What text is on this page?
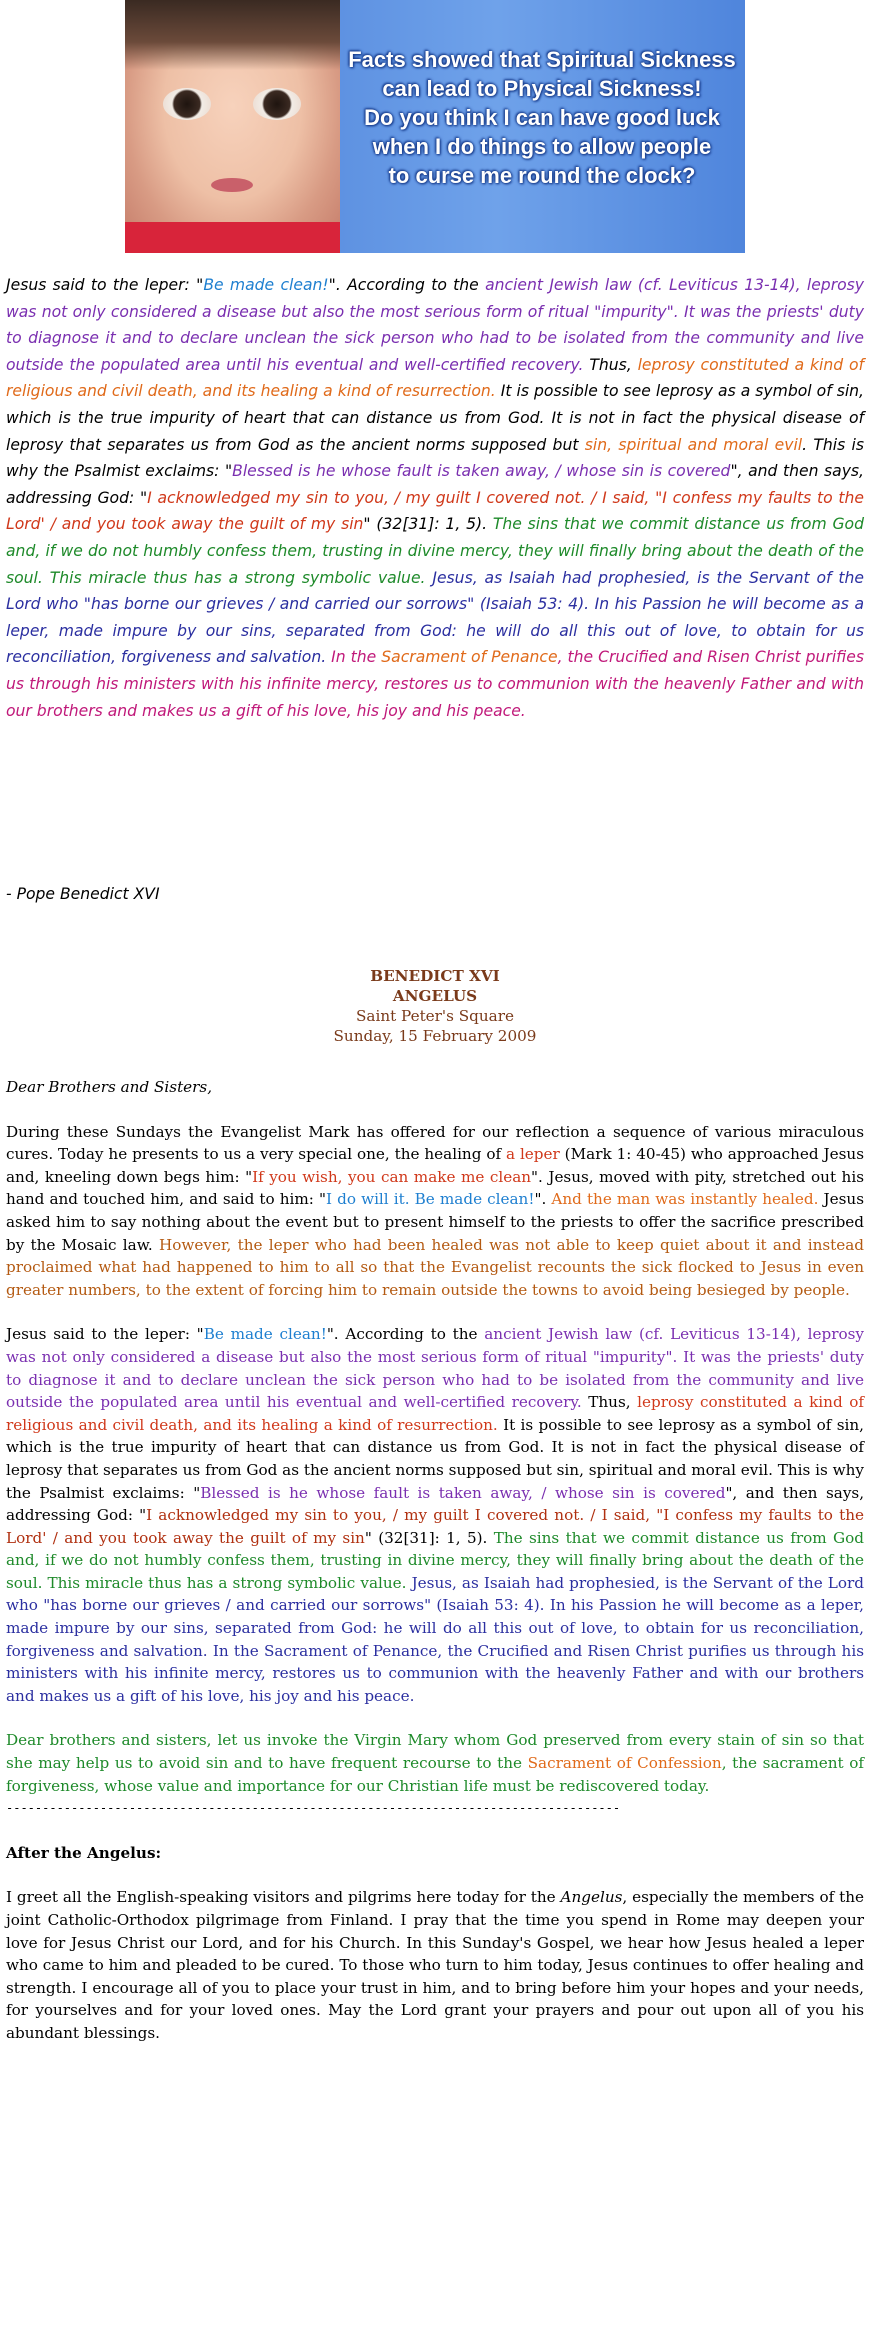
Facts showed that Spiritual Sickness
can lead to Physical Sickness!
Do you think I can have good luck
when I do things to allow people
to curse me round the clock?
Jesus said to the leper: "Be made clean!". According to the ancient Jewish law (cf. Leviticus 13-14), leprosy was not only considered a disease but also the most serious form of ritual "impurity". It was the priests' duty to diagnose it and to declare unclean the sick person who had to be isolated from the community and live outside the populated area until his eventual and well-certified recovery. Thus, leprosy constituted a kind of religious and civil death, and its healing a kind of resurrection. It is possible to see leprosy as a symbol of sin, which is the true impurity of heart that can distance us from God. It is not in fact the physical disease of leprosy that separates us from God as the ancient norms supposed but sin, spiritual and moral evil. This is why the Psalmist exclaims: "Blessed is he whose fault is taken away, / whose sin is covered", and then says, addressing God: "I acknowledged my sin to you, / my guilt I covered not. / I said, "I confess my faults to the Lord' / and you took away the guilt of my sin" (32[31]: 1, 5). The sins that we commit distance us from God and, if we do not humbly confess them, trusting in divine mercy, they will finally bring about the death of the soul. This miracle thus has a strong symbolic value. Jesus, as Isaiah had prophesied, is the Servant of the Lord who "has borne our grieves / and carried our sorrows" (Isaiah 53: 4). In his Passion he will become as a leper, made impure by our sins, separated from God: he will do all this out of love, to obtain for us reconciliation, forgiveness and salvation. In the Sacrament of Penance, the Crucified and Risen Christ purifies us through his ministers with his infinite mercy, restores us to communion with the heavenly Father and with our brothers and makes us a gift of his love, his joy and his peace.
- Pope Benedict XVI
BENEDICT XVI
ANGELUS
Saint Peter's Square
Sunday, 15 February 2009

Dear Brothers and Sisters,

During these Sundays the Evangelist Mark has offered for our reflection a sequence of various miraculous cures. Today he presents to us a very special one, the healing of a leper (Mark 1: 40-45) who approached Jesus and, kneeling down begs him: "If you wish, you can make me clean". Jesus, moved with pity, stretched out his hand and touched him, and said to him: "I do will it. Be made clean!". And the man was instantly healed. Jesus asked him to say nothing about the event but to present himself to the priests to offer the sacrifice prescribed by the Mosaic law. However, the leper who had been healed was not able to keep quiet about it and instead proclaimed what had happened to him to all so that the Evangelist recounts the sick flocked to Jesus in even greater numbers, to the extent of forcing him to remain outside the towns to avoid being besieged by people.

Jesus said to the leper: "Be made clean!". According to the ancient Jewish law (cf. Leviticus 13-14), leprosy was not only considered a disease but also the most serious form of ritual "impurity". It was the priests' duty to diagnose it and to declare unclean the sick person who had to be isolated from the community and live outside the populated area until his eventual and well-certified recovery. Thus, leprosy constituted a kind of religious and civil death, and its healing a kind of resurrection. It is possible to see leprosy as a symbol of sin, which is the true impurity of heart that can distance us from God. It is not in fact the physical disease of leprosy that separates us from God as the ancient norms supposed but sin, spiritual and moral evil. This is why the Psalmist exclaims: "Blessed is he whose fault is taken away, / whose sin is covered", and then says, addressing God: "I acknowledged my sin to you, / my guilt I covered not. / I said, "I confess my faults to the Lord' / and you took away the guilt of my sin" (32[31]: 1, 5). The sins that we commit distance us from God and, if we do not humbly confess them, trusting in divine mercy, they will finally bring about the death of the soul. This miracle thus has a strong symbolic value. Jesus, as Isaiah had prophesied, is the Servant of the Lord who "has borne our grieves / and carried our sorrows" (Isaiah 53: 4). In his Passion he will become as a leper, made impure by our sins, separated from God: he will do all this out of love, to obtain for us reconciliation, forgiveness and salvation. In the Sacrament of Penance, the Crucified and Risen Christ purifies us through his ministers with his infinite mercy, restores us to communion with the heavenly Father and with our brothers and makes us a gift of his love, his joy and his peace.

Dear brothers and sisters, let us invoke the Virgin Mary whom God preserved from every stain of sin so that she may help us to avoid sin and to have frequent recourse to the Sacrament of Confession, the sacrament of forgiveness, whose value and importance for our Christian life must be rediscovered today.

-------------------------------------------------------------------------------------

After the Angelus:

I greet all the English-speaking visitors and pilgrims here today for the Angelus, especially the members of the joint Catholic-Orthodox pilgrimage from Finland. I pray that the time you spend in Rome may deepen your love for Jesus Christ our Lord, and for his Church. In this Sunday's Gospel, we hear how Jesus healed a leper who came to him and pleaded to be cured. To those who turn to him today, Jesus continues to offer healing and strength. I encourage all of you to place your trust in him, and to bring before him your hopes and your needs, for yourselves and for your loved ones. May the Lord grant your prayers and pour out upon all of you his abundant blessings.
